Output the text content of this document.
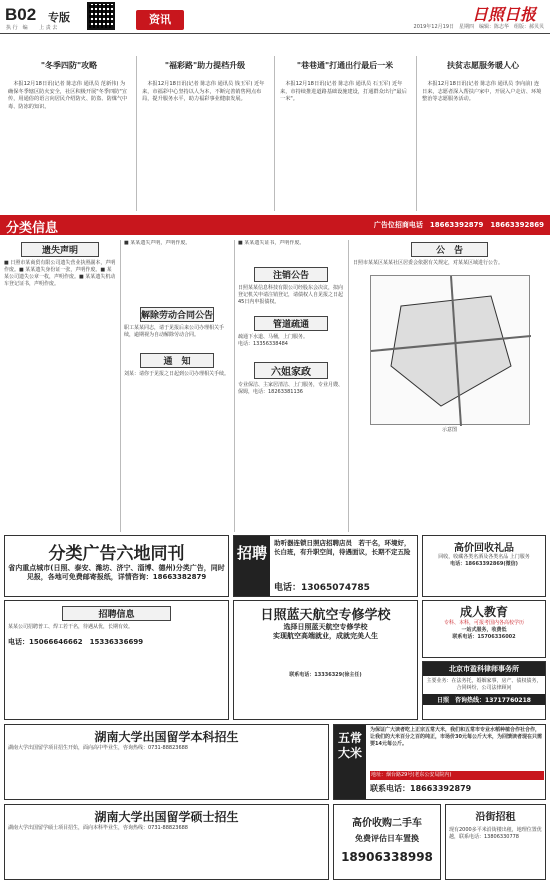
B02 专版
执 行　编　　 上 责 去
资讯	日照日报
2019年12月19日　星期四　编辑：陈志华　组版：郝贝贝
"冬季四防"攻略

本报12月18日讯(记者 陈志伟 通讯员 范新伟) 为确保冬季辖区防火安全，社区积极开展"冬季四防"宣传，用通俗的语言向居民介绍防火、防盗、防煤气中毒、防冻的知识。

"福彩路"助力提档升级

本报12月18日讯(记者 陈志伟 通讯员 钱玉军) 近年来，市福彩中心坚持以人为本，不断完善销售网点布局，提升服务水平，助力福彩事业健康发展。

"巷巷通"打通出行最后一米

本报12月18日讯(记者 陈志伟 通讯员 石玉军) 近年来，市持续推进道路基础设施建设，打通群众出行"最后一米"。

扶贫志愿服务暖人心

本报12月18日讯(记者 陈志伟 通讯员 李向前) 连日来，志愿者深入帮扶户家中，开展入户走访、环境整治等志愿服务活动。

分类信息	广告位招商电话　18663392879　18663392869
遗失声明
■ 日照市某商贸有限公司遗失营业执照副本，声明作废。■ 某某遗失身份证一张，声明作废。■ 某某公司遗失公章一枚，声明作废。■ 某某遗失机动车登记证书，声明作废。
■ 某某遗失声明，声明作废。
解除劳动合同公告
职工某某同志，请于见报后来公司办理相关手续，逾期视为自动解除劳动合同。
通　知
刘某：请你于见报之日起到公司办理相关手续。
■ 某某遗失证书，声明作废。
注销公告
日照某某信息科技有限公司经股东会决议，拟向登记机关申请注销登记，请债权人自见报之日起45日内申报债权。
管道疏通
疏通下水道、马桶，上门服务。
电话：13356338484
六姐家政
专业保洁、主家居清洁、上门服务，专业月嫂、保姆，电话：18263381136
公　告
日照市某某区某某社区居委会依据有关规定，对某某区域进行公告。
示意图
分类广告六地同刊
省内重点城市(日照、泰安、潍坊、济宁、淄博、德州)分类广告，同时见报，各地可免费邮寄报纸，详情咨询：18663382879
招聘
助听器连锁日照店招聘店员　若干名，环境好，长白班，有升职空间，待遇面议，长期不定五险
电话：13065074785
高价回收礼品
回收，收藏各类名酒及各类名品 上门服务
电话：18663392869(微信)
招聘信息
某某公司招聘普工、焊工若干名，待遇从优，长期有效。
电话：15066646662　15336336699
日照蓝天航空专修学校
选择日照蓝天航空专修学校
实现航空高端就业，成就完美人生
联系电话：13336329(徐主任)
成人教育
专科、本科，可报考国内各高校学历
一站式服务，收费低
联系电话：15706336002
北京市盈科律师事务所
主要业务：在法务托，婚姻家事，房产、债权债务，合同纠纷，公司法律顾问
日照　咨询热线：13717760218
湖南大学出国留学本科招生
湖南大学出国留学项目招生开始，面向高中毕业生，咨询热线：0731-88823688
五常大米
为保证广大读者吃上正宗五常大米，我们和五常市专业水稻种植合作社合作，让我们的大米百分之百的纯正，市场价30元每公斤大米，为回馈读者现在只需要14元每公斤。
地址：烟台路29号(老东公安局院内)
联系电话：18663392879
湖南大学出国留学硕士招生
湖南大学出国留学硕士项目招生，面向本科毕业生，咨询热线：0731-88823688	高价收购二手车
免费评估日车置换
18906338998
沿街招租
现有2000多平米沿街楼出租，地理位置优越，联系电话：13806330778
